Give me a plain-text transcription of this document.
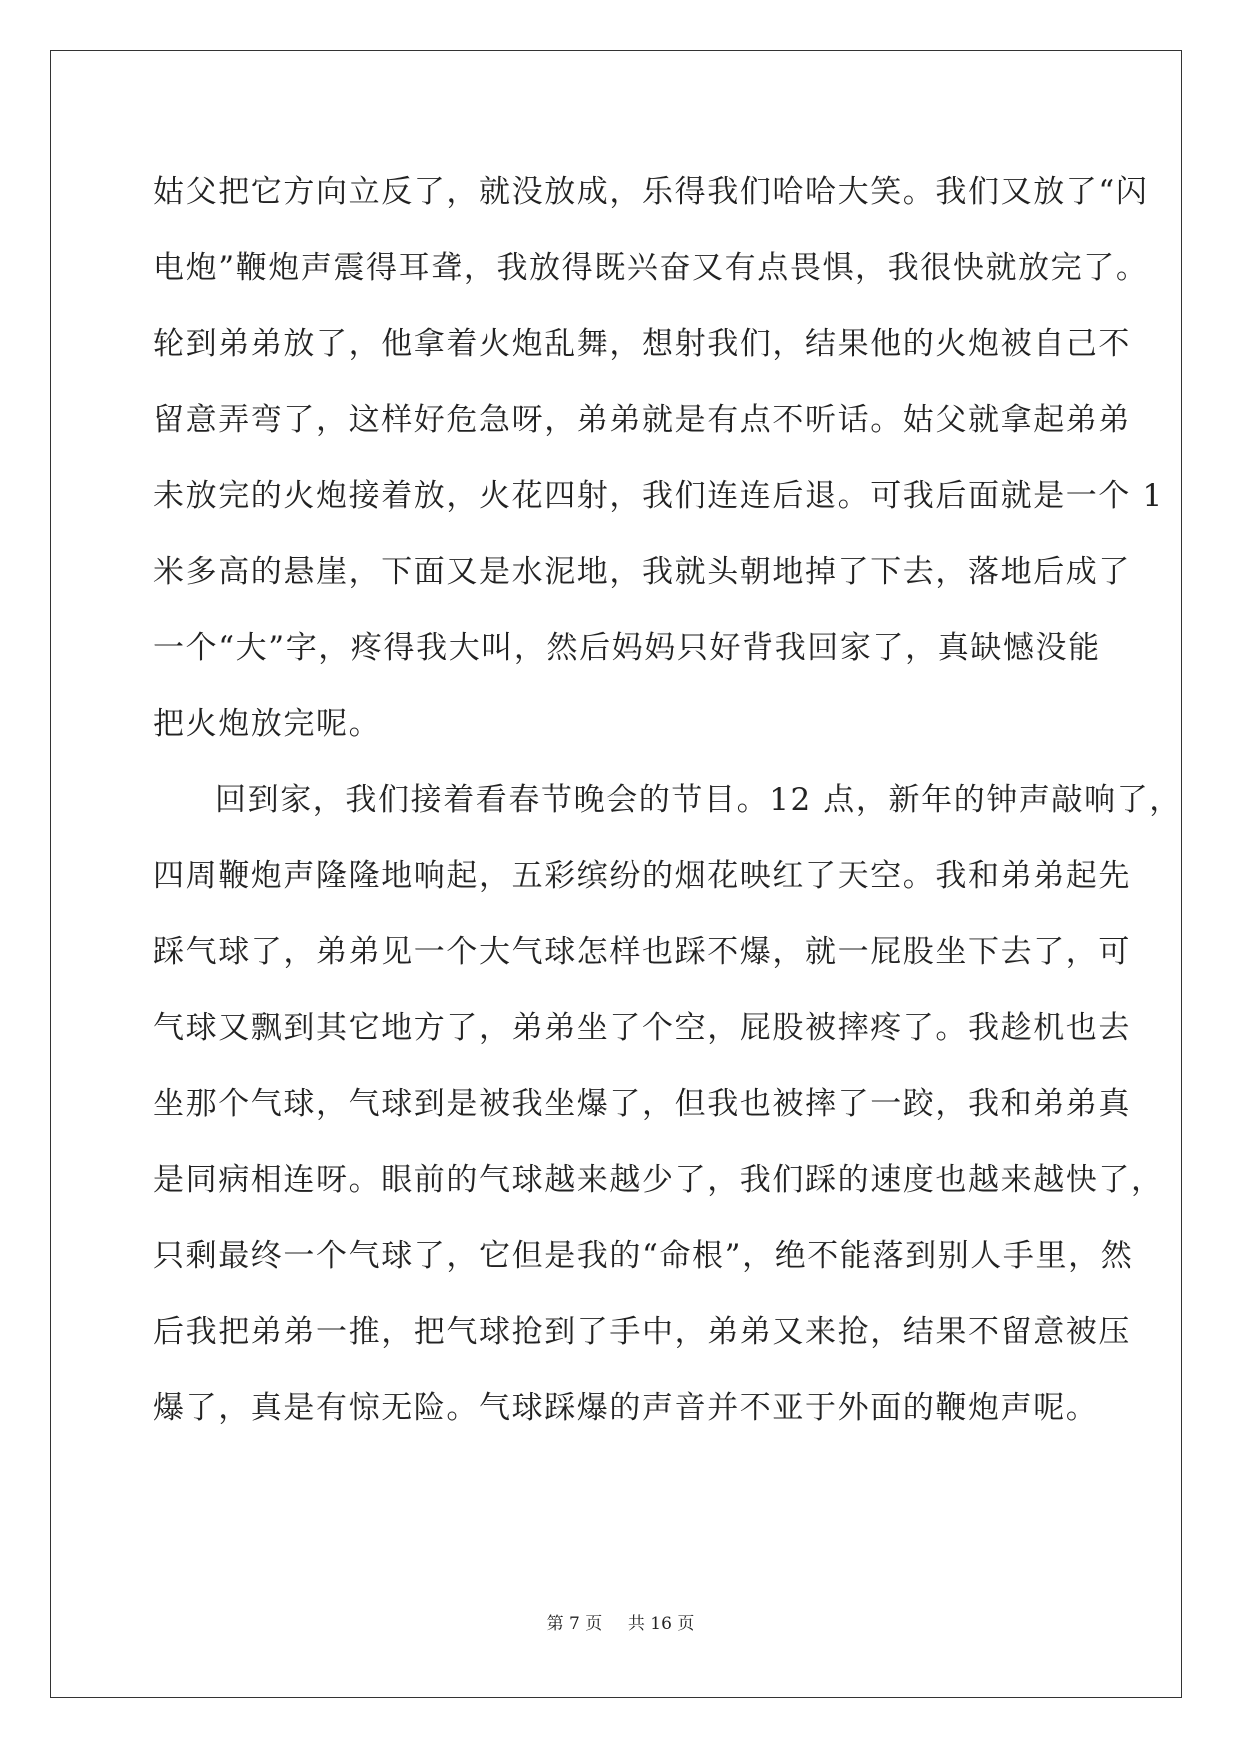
姑父把它方向立反了，就没放成，乐得我们哈哈大笑。我们又放了“闪
电炮”鞭炮声震得耳聋，我放得既兴奋又有点畏惧，我很快就放完了。
轮到弟弟放了，他拿着火炮乱舞，想射我们，结果他的火炮被自己不
留意弄弯了，这样好危急呀，弟弟就是有点不听话。姑父就拿起弟弟
未放完的火炮接着放，火花四射，我们连连后退。可我后面就是一个 1
米多高的悬崖，下面又是水泥地，我就头朝地掉了下去，落地后成了
一个“大”字，疼得我大叫，然后妈妈只好背我回家了，真缺憾没能
把火炮放完呢。
回到家，我们接着看春节晚会的节目。12 点，新年的钟声敲响了，
四周鞭炮声隆隆地响起，五彩缤纷的烟花映红了天空。我和弟弟起先
踩气球了，弟弟见一个大气球怎样也踩不爆，就一屁股坐下去了，可
气球又飘到其它地方了，弟弟坐了个空，屁股被摔疼了。我趁机也去
坐那个气球，气球到是被我坐爆了，但我也被摔了一跤，我和弟弟真
是同病相连呀。眼前的气球越来越少了，我们踩的速度也越来越快了，
只剩最终一个气球了，它但是我的“命根”，绝不能落到别人手里，然
后我把弟弟一推，把气球抢到了手中，弟弟又来抢，结果不留意被压
爆了，真是有惊无险。气球踩爆的声音并不亚于外面的鞭炮声呢。
第 7 页 共 16 页
